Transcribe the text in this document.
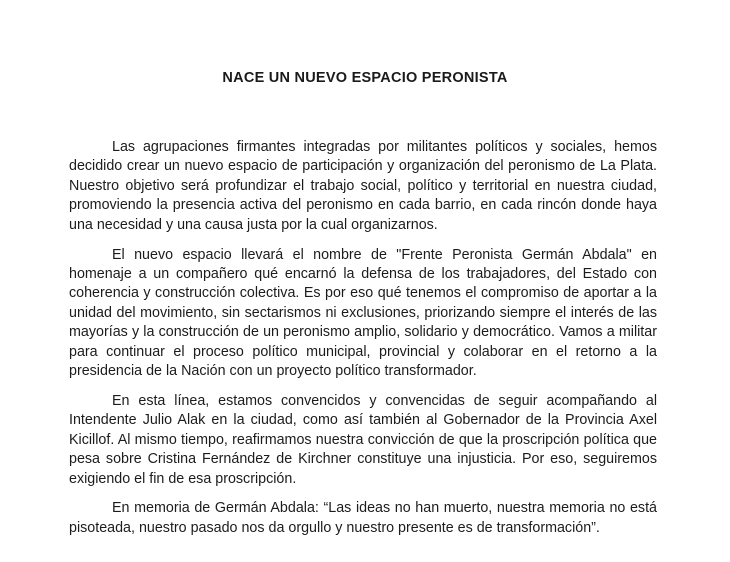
NACE UN NUEVO ESPACIO PERONISTA

Las agrupaciones firmantes integradas por militantes políticos y sociales, hemos decidido crear un nuevo espacio de participación y organización del peronismo de La Plata. Nuestro objetivo será profundizar el trabajo social, político y territorial en nuestra ciudad, promoviendo la presencia activa del peronismo en cada barrio, en cada rincón donde haya una necesidad y una causa justa por la cual organizarnos.

El nuevo espacio llevará el nombre de "Frente Peronista Germán Abdala" en homenaje a un compañero qué encarnó la defensa de los trabajadores, del Estado con coherencia y construcción colectiva. Es por eso qué tenemos el compromiso de aportar a la unidad del movimiento, sin sectarismos ni exclusiones, priorizando siempre el interés de las mayorías y la construcción de un peronismo amplio, solidario y democrático. Vamos a militar para continuar el proceso político municipal, provincial y colaborar en el retorno a la presidencia de la Nación con un proyecto político transformador.

En esta línea, estamos convencidos y convencidas de seguir acompañando al Intendente Julio Alak en la ciudad, como así también al Gobernador de la Provincia Axel Kicillof. Al mismo tiempo, reafirmamos nuestra convicción de que la proscripción política que pesa sobre Cristina Fernández de Kirchner constituye una injusticia. Por eso, seguiremos exigiendo el fin de esa proscripción.

En memoria de Germán Abdala: “Las ideas no han muerto, nuestra memoria no está pisoteada, nuestro pasado nos da orgullo y nuestro presente es de transformación”.
